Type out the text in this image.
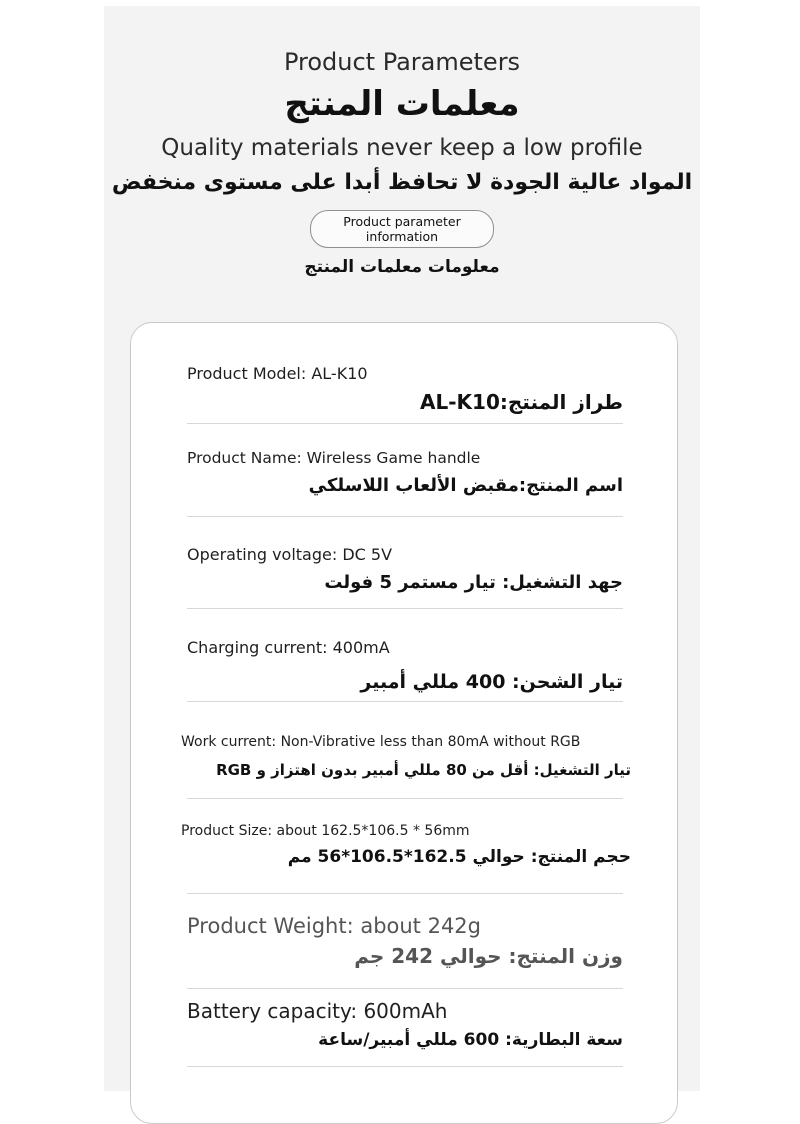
Product Parameters
معلمات المنتج
Quality materials never keep a low profile
المواد عالية الجودة لا تحافظ أبدا على مستوى منخفض
Product parameter information
معلومات معلمات المنتج
Product Model: AL-K10
طراز المنتج:AL-K10
Product Name: Wireless Game handle
اسم المنتج:مقبض الألعاب اللاسلكي
Operating voltage: DC 5V
جهد التشغيل: تيار مستمر 5 فولت
Charging current: 400mA
تيار الشحن: 400 مللي أمبير
Work current: Non-Vibrative less than 80mA without RGB
تيار التشغيل: أقل من 80 مللي أمبير بدون اهتزاز و RGB
Product Size: about 162.5*106.5 * 56mm
حجم المنتج: حوالي 162.5*106.5*56 مم
Product Weight: about 242g
وزن المنتج: حوالي 242 جم
Battery capacity: 600mAh
سعة البطارية: 600 مللي أمبير/ساعة
